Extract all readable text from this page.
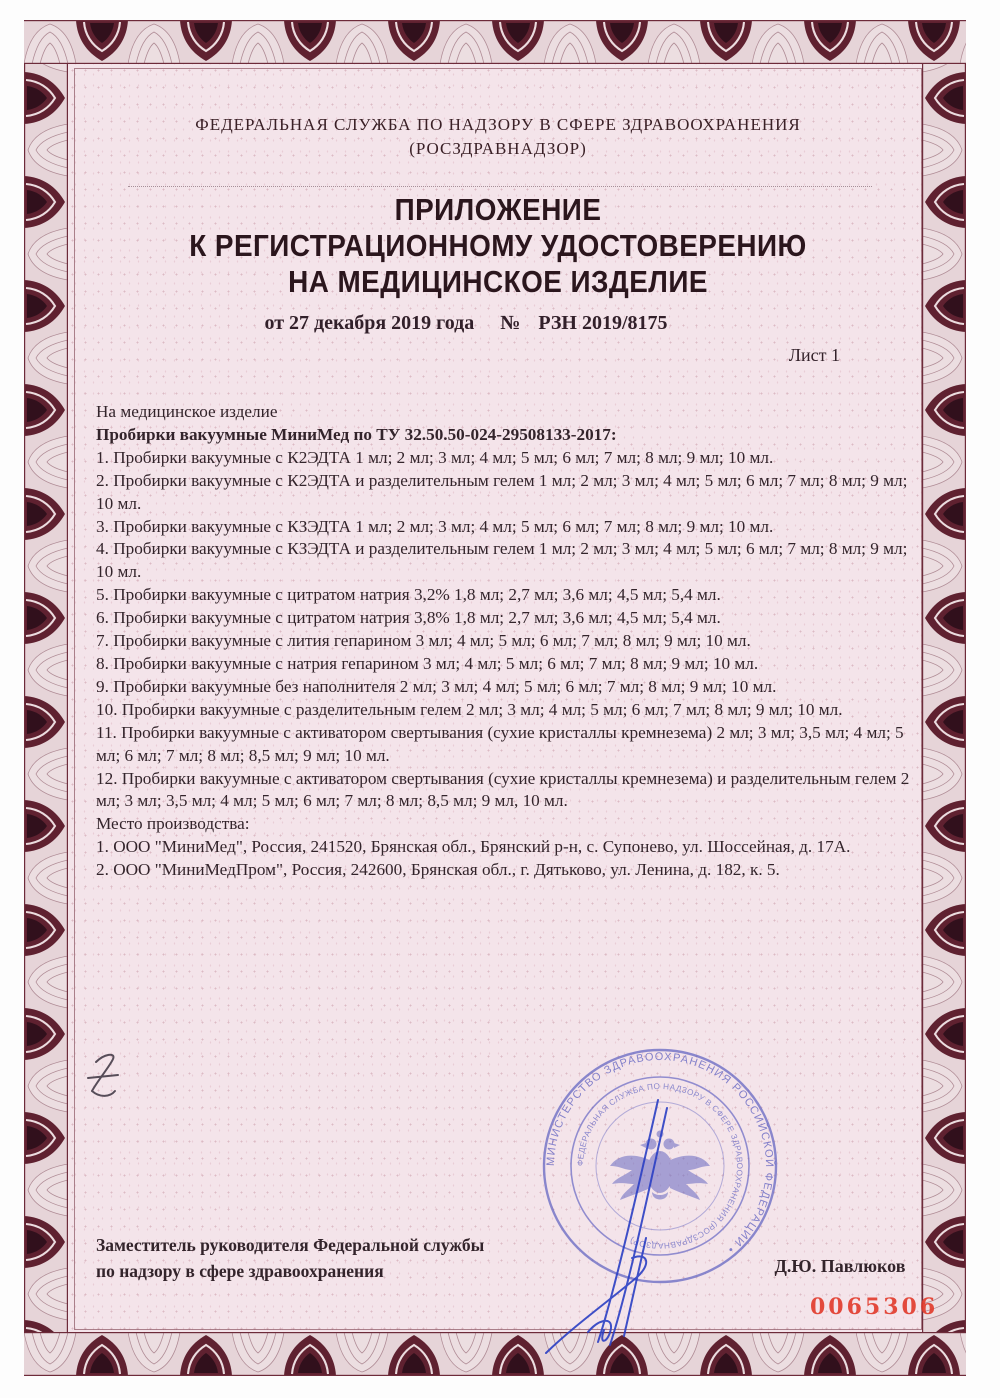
ФЕДЕРАЛЬНАЯ СЛУЖБА ПО НАДЗОРУ В СФЕРЕ ЗДРАВООХРАНЕНИЯ
(РОСЗДРАВНАДЗОР)
ПРИЛОЖЕНИЕ
К РЕГИСТРАЦИОННОМУ УДОСТОВЕРЕНИЮ
НА МЕДИЦИНСКОЕ ИЗДЕЛИЕ
от 27 декабря 2019 года № РЗН 2019/8175
Лист 1

На медицинское изделие

Пробирки вакуумные МиниМед по ТУ 32.50.50-024-29508133-2017:

1. Пробирки вакуумные с К2ЭДТА 1 мл; 2 мл; 3 мл; 4 мл; 5 мл; 6 мл; 7 мл; 8 мл; 9 мл; 10 мл.

2. Пробирки вакуумные с К2ЭДТА и разделительным гелем 1 мл; 2 мл; 3 мл; 4 мл; 5 мл; 6 мл; 7 мл; 8 мл; 9 мл; 10 мл.

3. Пробирки вакуумные с КЗЭДТА 1 мл; 2 мл; 3 мл; 4 мл; 5 мл; 6 мл; 7 мл; 8 мл; 9 мл; 10 мл.

4. Пробирки вакуумные с КЗЭДТА и разделительным гелем 1 мл; 2 мл; 3 мл; 4 мл; 5 мл; 6 мл; 7 мл; 8 мл; 9 мл; 10 мл.

5. Пробирки вакуумные с цитратом натрия 3,2% 1,8 мл; 2,7 мл; 3,6 мл; 4,5 мл; 5,4 мл.

6. Пробирки вакуумные с цитратом натрия 3,8% 1,8 мл; 2,7 мл; 3,6 мл; 4,5 мл; 5,4 мл.

7. Пробирки вакуумные с лития гепарином 3 мл; 4 мл; 5 мл; 6 мл; 7 мл; 8 мл; 9 мл; 10 мл.

8. Пробирки вакуумные с натрия гепарином 3 мл; 4 мл; 5 мл; 6 мл; 7 мл; 8 мл; 9 мл; 10 мл.

9. Пробирки вакуумные без наполнителя 2 мл; 3 мл; 4 мл; 5 мл; 6 мл; 7 мл; 8 мл; 9 мл; 10 мл.

10. Пробирки вакуумные с разделительным гелем 2 мл; 3 мл; 4 мл; 5 мл; 6 мл; 7 мл; 8 мл; 9 мл; 10 мл.

11. Пробирки вакуумные с активатором свертывания (сухие кристаллы кремнезема) 2 мл; 3 мл; 3,5 мл; 4 мл; 5 мл; 6 мл; 7 мл; 8 мл; 8,5 мл; 9 мл; 10 мл.

12. Пробирки вакуумные с активатором свертывания (сухие кристаллы кремнезема) и разделительным гелем 2 мл; 3 мл; 3,5 мл; 4 мл; 5 мл; 6 мл; 7 мл; 8 мл; 8,5 мл; 9 мл, 10 мл.

Место производства:

1. ООО "МиниМед", Россия, 241520, Брянская обл., Брянский р-н, с. Супонево, ул. Шоссейная, д. 17А.

2. ООО "МиниМедПром", Россия, 242600, Брянская обл., г. Дятьково, ул. Ленина, д. 182, к. 5.

МИНИСТЕРСТВО ЗДРАВООХРАНЕНИЯ РОССИЙСКОЙ ФЕДЕРАЦИИ •
ФЕДЕРАЛЬНАЯ СЛУЖБА ПО НАДЗОРУ В СФЕРЕ ЗДРАВООХРАНЕНИЯ (РОСЗДРАВНАДЗОР)
Заместитель руководителя Федеральной службы
по надзору в сфере здравоохранения	Д.Ю. Павлюков
0065306
